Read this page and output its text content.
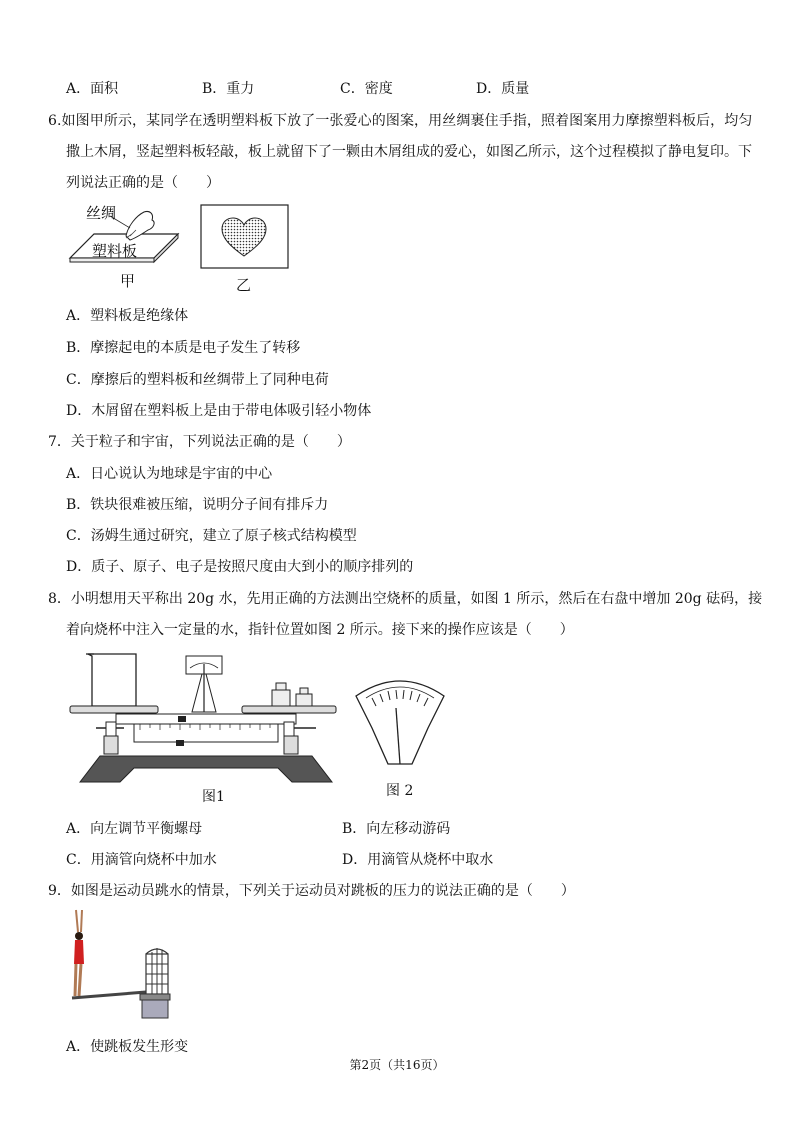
A．面积	B．重力	C．密度	D．质量
6.如图甲所示，某同学在透明塑料板下放了一张爱心的图案，用丝绸裹住手指，照着图案用力摩擦塑料板后，均匀
撒上木屑，竖起塑料板轻敲，板上就留下了一颗由木屑组成的爱心，如图乙所示，这个过程模拟了静电复印。下
列说法正确的是（　　）
丝绸
塑料板
甲	乙
A．塑料板是绝缘体
B．摩擦起电的本质是电子发生了转移
C．摩擦后的塑料板和丝绸带上了同种电荷
D．木屑留在塑料板上是由于带电体吸引轻小物体
7．关于粒子和宇宙，下列说法正确的是（　　）
A．日心说认为地球是宇宙的中心
B．铁块很难被压缩，说明分子间有排斥力
C．汤姆生通过研究，建立了原子核式结构模型
D．质子、原子、电子是按照尺度由大到小的顺序排列的
8．小明想用天平称出 20g 水，先用正确的方法测出空烧杯的质量，如图 1 所示，然后在右盘中增加 20g 砝码，接
着向烧杯中注入一定量的水，指针位置如图 2 所示。接下来的操作应该是（　　）
图1	图 2
A．向左调节平衡螺母	B．向左移动游码
C．用滴管向烧杯中加水	D．用滴管从烧杯中取水
9．如图是运动员跳水的情景，下列关于运动员对跳板的压力的说法正确的是（　　）
A．使跳板发生形变
第2页（共16页）
